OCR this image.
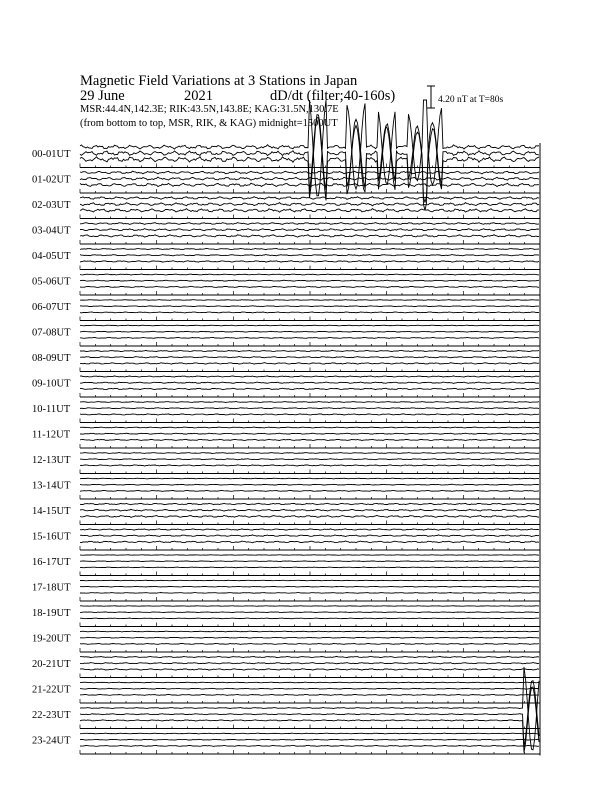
Magnetic Field Variations at 3 Stations in Japan
29 June	2021	dD/dt (filter;40-160s)
MSR:44.4N,142.3E; RIK:43.5N,143.8E; KAG:31.5N,130.7E
(from bottom to top, MSR, RIK, & KAG) midnight=1500UT
4.20 nT at T=80s
00-01UT
01-02UT
02-03UT
03-04UT
04-05UT
05-06UT
06-07UT
07-08UT
08-09UT
09-10UT
10-11UT
11-12UT
12-13UT
13-14UT
14-15UT
15-16UT
16-17UT
17-18UT
18-19UT
19-20UT
20-21UT
21-22UT
22-23UT
23-24UT
